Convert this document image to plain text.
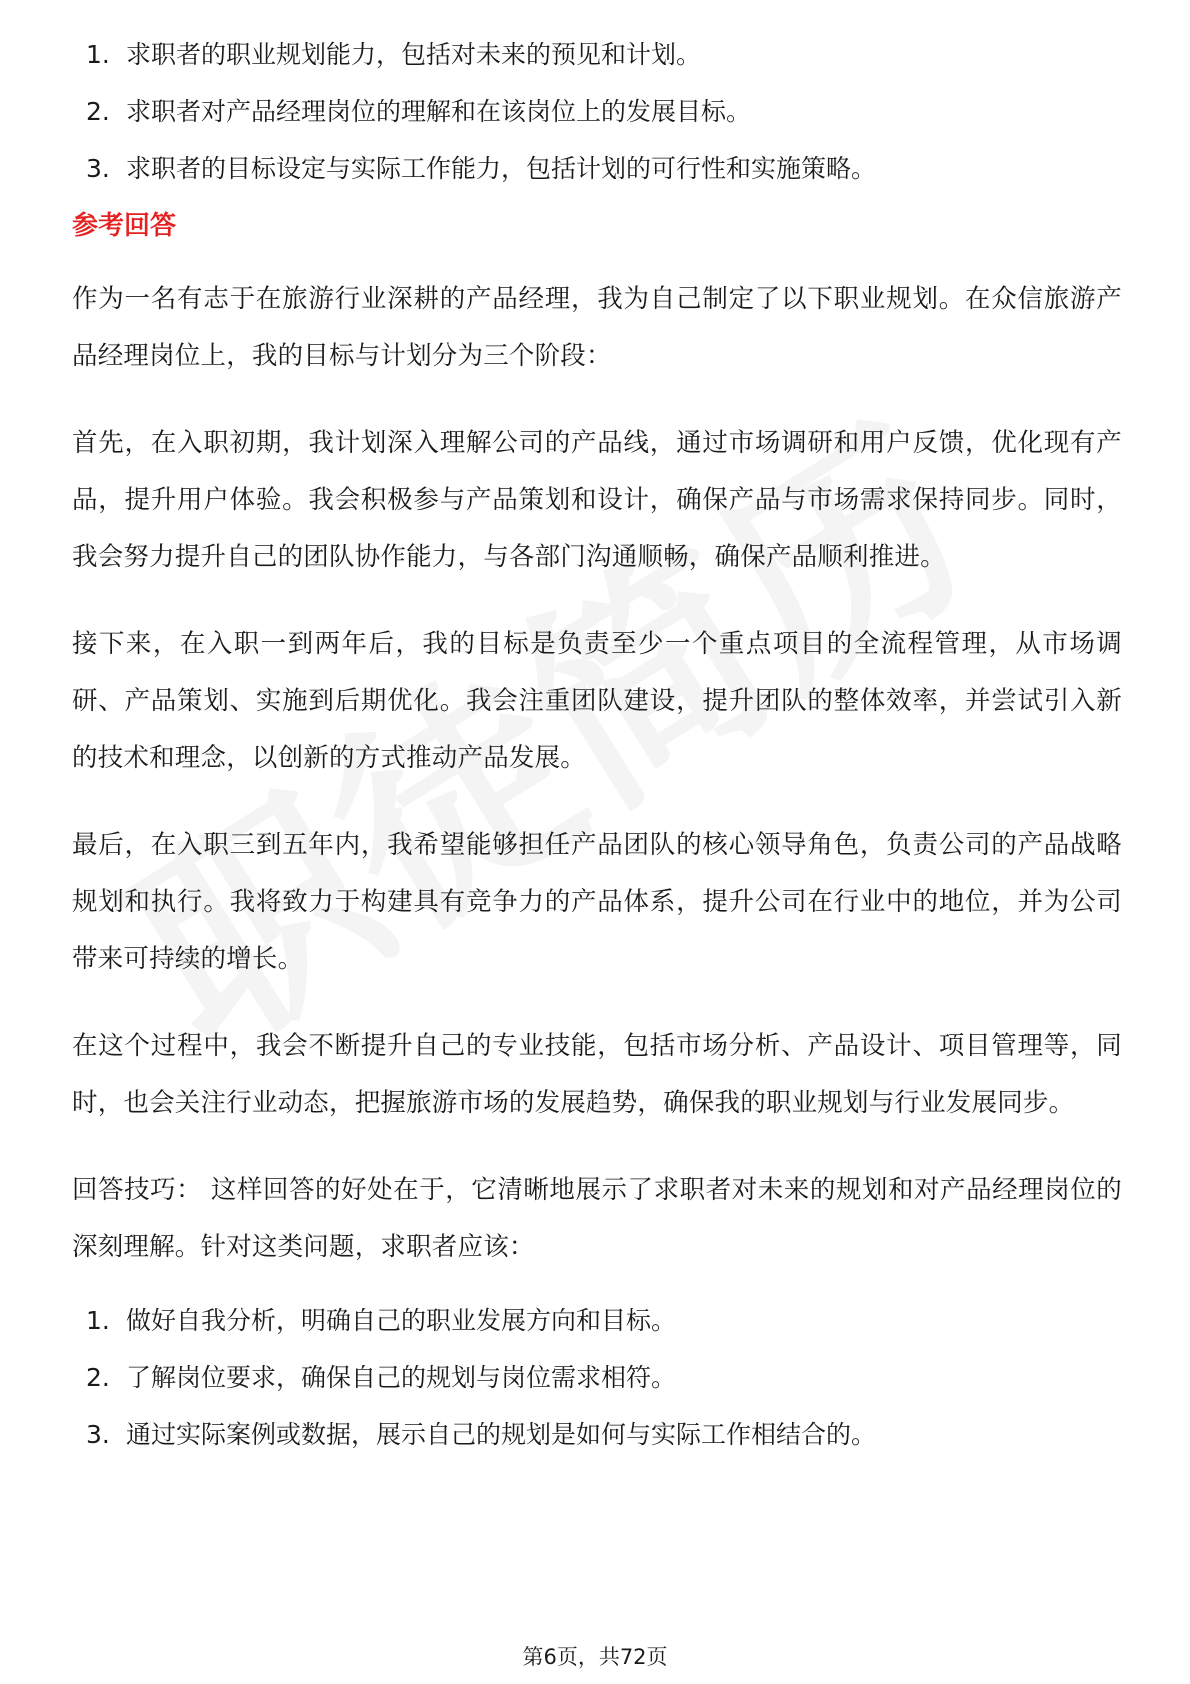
1. 求职者的职业规划能力，包括对未来的预见和计划。
2. 求职者对产品经理岗位的理解和在该岗位上的发展目标。
3. 求职者的目标设定与实际工作能力，包括计划的可行性和实施策略。
参考回答

作为一名有志于在旅游行业深耕的产品经理，我为自己制定了以下职业规划。在众信旅游产品经理岗位上，我的目标与计划分为三个阶段：

首先，在入职初期，我计划深入理解公司的产品线，通过市场调研和用户反馈，优化现有产品，提升用户体验。我会积极参与产品策划和设计，确保产品与市场需求保持同步。同时，我会努力提升自己的团队协作能力，与各部门沟通顺畅，确保产品顺利推进。

接下来，在入职一到两年后，我的目标是负责至少一个重点项目的全流程管理，从市场调研、产品策划、实施到后期优化。我会注重团队建设，提升团队的整体效率，并尝试引入新的技术和理念，以创新的方式推动产品发展。

最后，在入职三到五年内，我希望能够担任产品团队的核心领导角色，负责公司的产品战略规划和执行。我将致力于构建具有竞争力的产品体系，提升公司在行业中的地位，并为公司带来可持续的增长。

在这个过程中，我会不断提升自己的专业技能，包括市场分析、产品设计、项目管理等，同时，也会关注行业动态，把握旅游市场的发展趋势，确保我的职业规划与行业发展同步。

回答技巧： 这样回答的好处在于，它清晰地展示了求职者对未来的规划和对产品经理岗位的深刻理解。针对这类问题，求职者应该：

1. 做好自我分析，明确自己的职业发展方向和目标。
2. 了解岗位要求，确保自己的规划与岗位需求相符。
3. 通过实际案例或数据，展示自己的规划是如何与实际工作相结合的。
第6页，共72页
